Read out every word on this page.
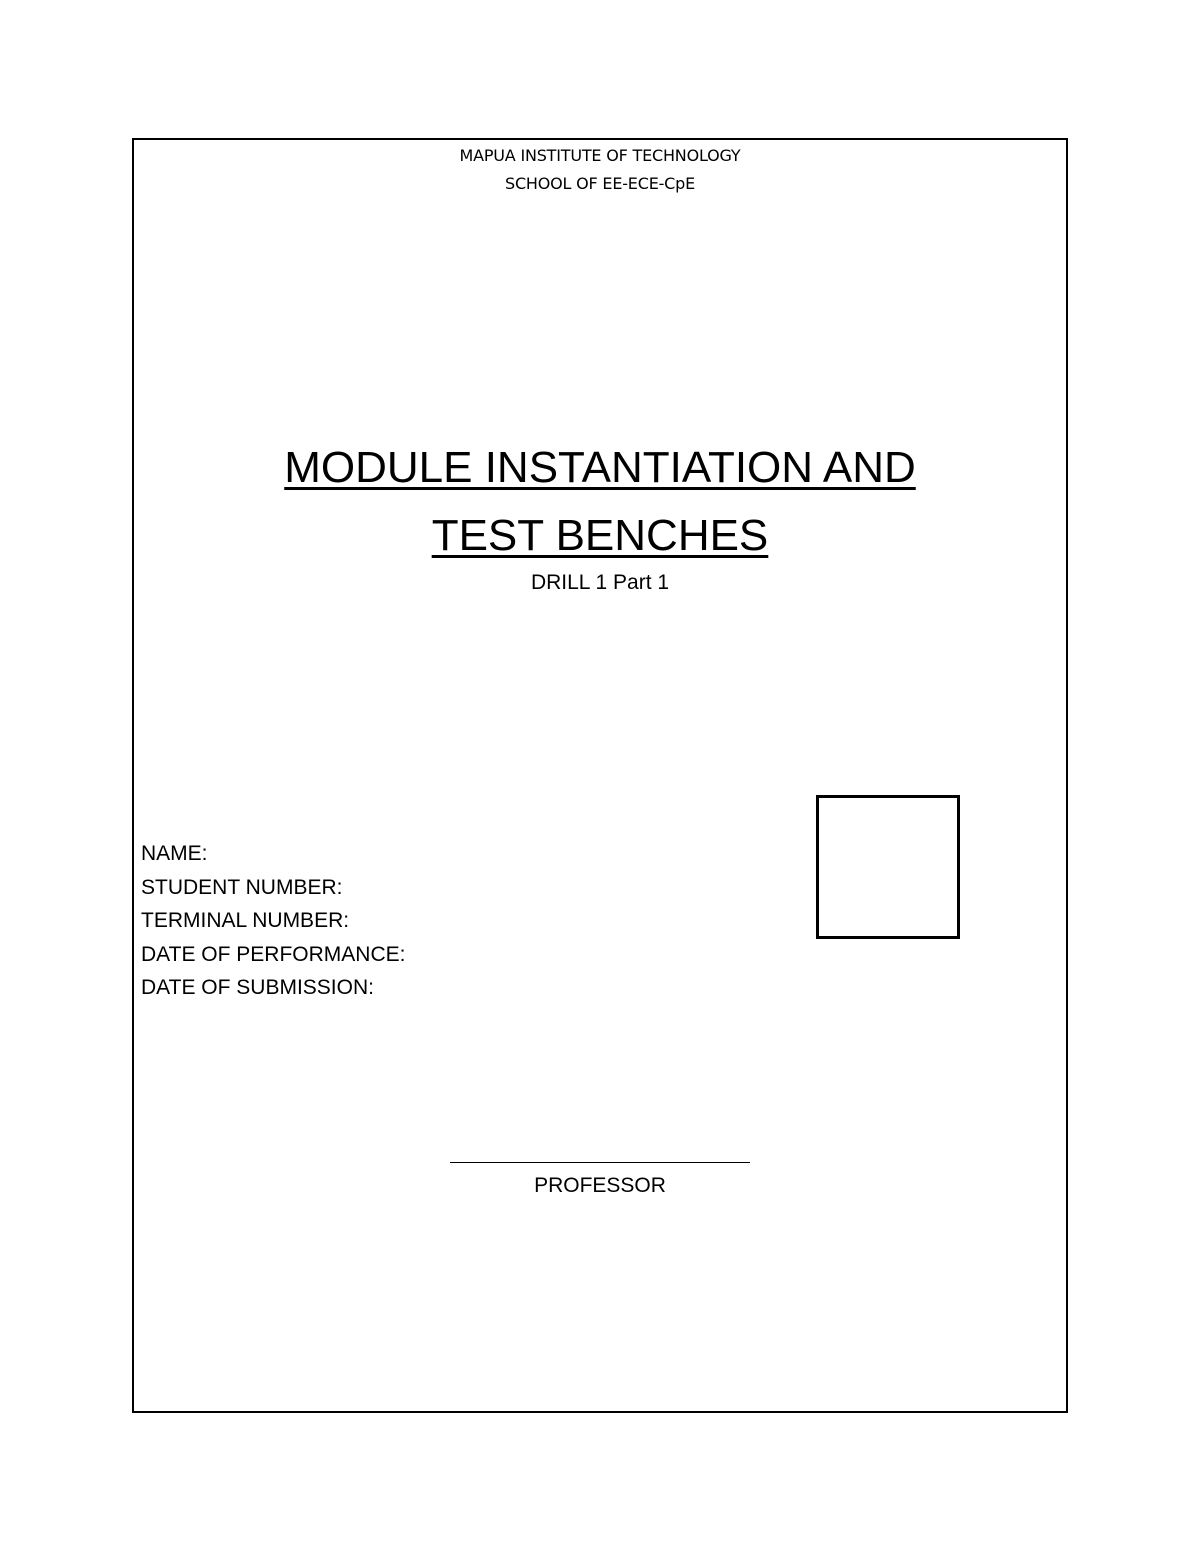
MAPUA INSTITUTE OF TECHNOLOGY
SCHOOL OF EE-ECE-CpE
MODULE INSTANTIATION AND
TEST BENCHES
DRILL 1 Part 1
NAME:
STUDENT NUMBER:
TERMINAL NUMBER:
DATE OF PERFORMANCE:
DATE OF SUBMISSION:
PROFESSOR
